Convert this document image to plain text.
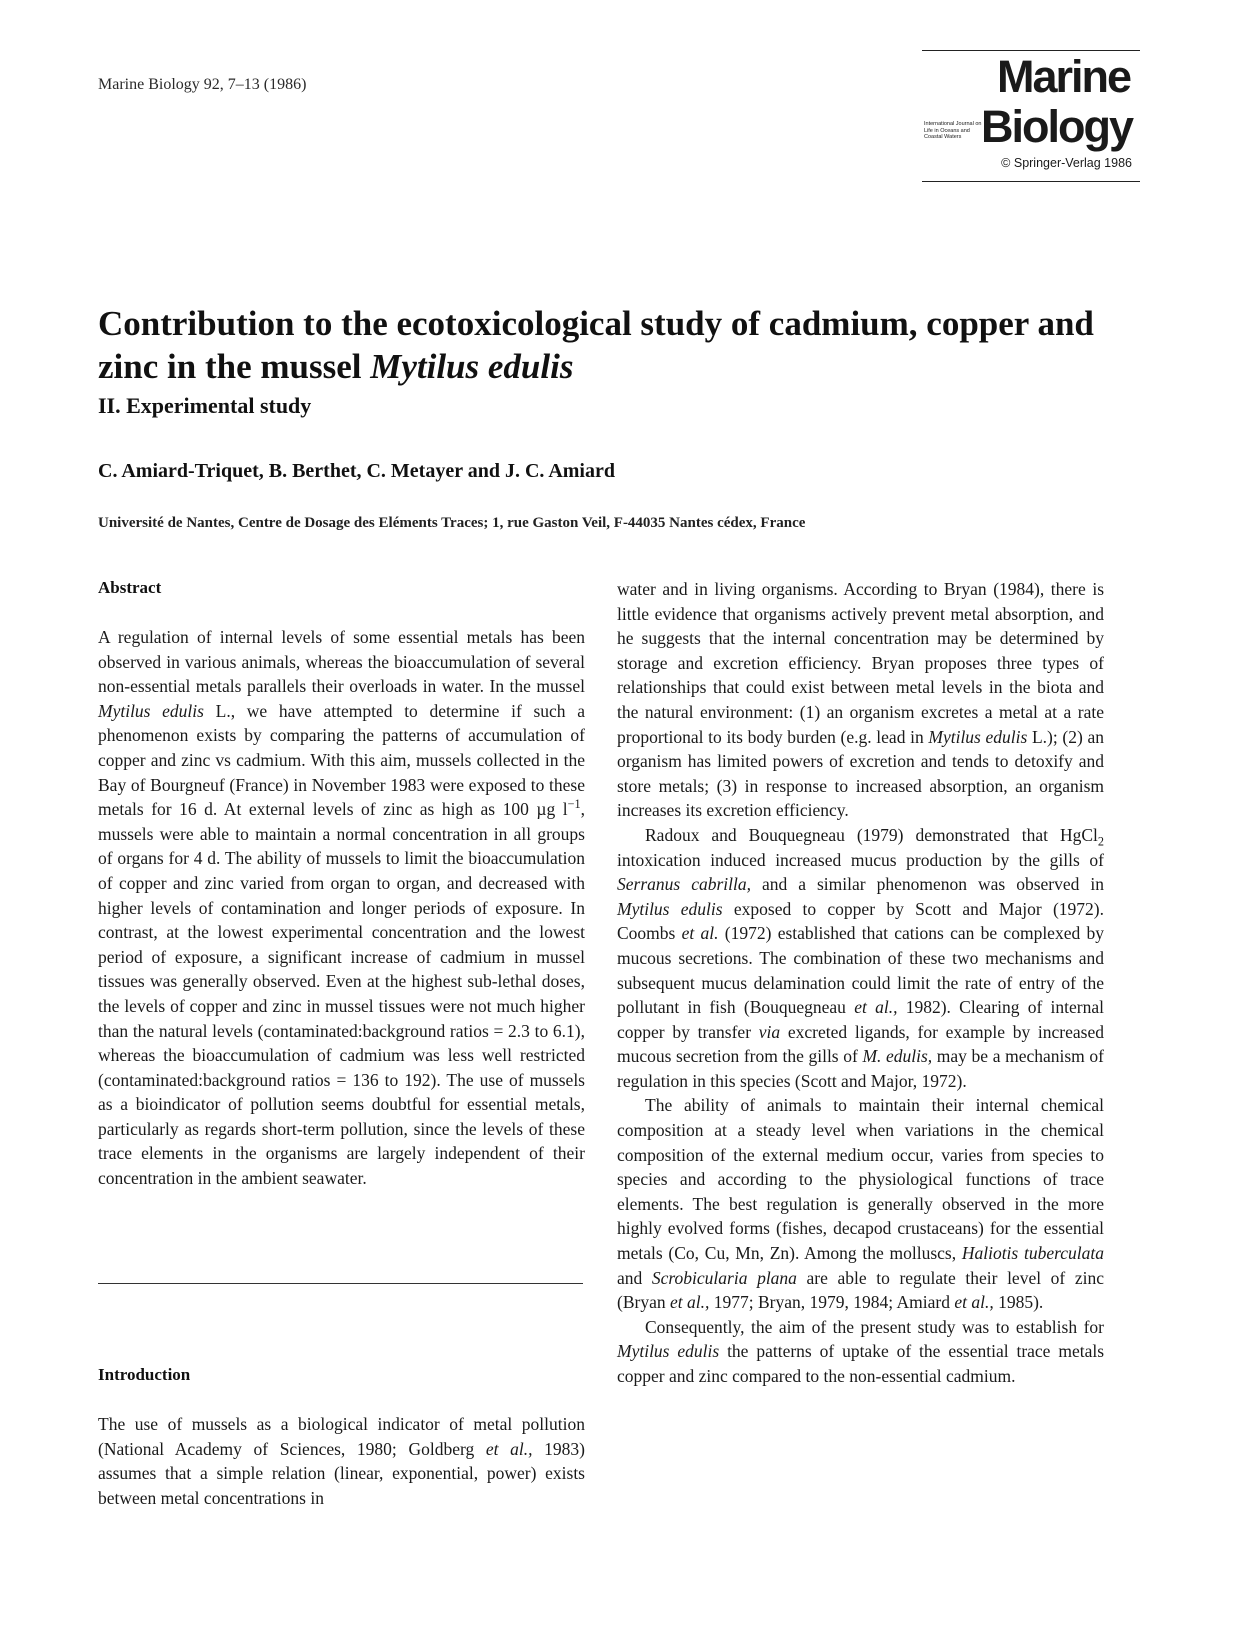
Marine Biology 92, 7–13 (1986)	Marine
International Journal on Life in Oceans and Coastal Waters Biology
© Springer-Verlag 1986
Contribution to the ecotoxicological study of cadmium, copper and zinc in the mussel Mytilus edulis
II. Experimental study
C. Amiard-Triquet, B. Berthet, C. Metayer and J. C. Amiard
Université de Nantes, Centre de Dosage des Eléments Traces; 1, rue Gaston Veil, F-44035 Nantes cédex, France
Abstract

A regulation of internal levels of some essential metals has been observed in various animals, whereas the bioaccumulation of several non-essential metals parallels their overloads in water. In the mussel Mytilus edulis L., we have attempted to determine if such a phenomenon exists by comparing the patterns of accumulation of copper and zinc vs cadmium. With this aim, mussels collected in the Bay of Bourgneuf (France) in November 1983 were exposed to these metals for 16 d. At external levels of zinc as high as 100 µg $l^{-1}$, mussels were able to maintain a normal concentration in all groups of organs for 4 d. The ability of mussels to limit the bioaccumulation of copper and zinc varied from organ to organ, and decreased with higher levels of contamination and longer periods of exposure. In contrast, at the lowest experimental concentration and the lowest period of exposure, a significant increase of cadmium in mussel tissues was generally observed. Even at the highest sub-lethal doses, the levels of copper and zinc in mussel tissues were not much higher than the natural levels (contaminated:background ratios = 2.3 to 6.1), whereas the bioaccumulation of cadmium was less well restricted (contaminated:background ratios = 136 to 192). The use of mussels as a bioindicator of pollution seems doubtful for essential metals, particularly as regards short-term pollution, since the levels of these trace elements in the organisms are largely independent of their concentration in the ambient seawater.

Introduction

The use of mussels as a biological indicator of metal pollution (National Academy of Sciences, 1980; Goldberg et al., 1983) assumes that a simple relation (linear, exponential, power) exists between metal concentrations in

water and in living organisms. According to Bryan (1984), there is little evidence that organisms actively prevent metal absorption, and he suggests that the internal concentration may be determined by storage and excretion efficiency. Bryan proposes three types of relationships that could exist between metal levels in the biota and the natural environment: (1) an organism excretes a metal at a rate proportional to its body burden (e.g. lead in Mytilus edulis L.); (2) an organism has limited powers of excretion and tends to detoxify and store metals; (3) in response to increased absorption, an organism increases its excretion efficiency.

Radoux and Bouquegneau (1979) demonstrated that HgCl$_2$ intoxication induced increased mucus production by the gills of Serranus cabrilla, and a similar phenomenon was observed in Mytilus edulis exposed to copper by Scott and Major (1972). Coombs et al. (1972) established that cations can be complexed by mucous secretions. The combination of these two mechanisms and subsequent mucus delamination could limit the rate of entry of the pollutant in fish (Bouquegneau et al., 1982). Clearing of internal copper by transfer via excreted ligands, for example by increased mucous secretion from the gills of M. edulis, may be a mechanism of regulation in this species (Scott and Major, 1972).

The ability of animals to maintain their internal chemical composition at a steady level when variations in the chemical composition of the external medium occur, varies from species to species and according to the physiological functions of trace elements. The best regulation is generally observed in the more highly evolved forms (fishes, decapod crustaceans) for the essential metals (Co, Cu, Mn, Zn). Among the molluscs, Haliotis tuberculata and Scrobicularia plana are able to regulate their level of zinc (Bryan et al., 1977; Bryan, 1979, 1984; Amiard et al., 1985).

Consequently, the aim of the present study was to establish for Mytilus edulis the patterns of uptake of the essential trace metals copper and zinc compared to the non-essential cadmium.
